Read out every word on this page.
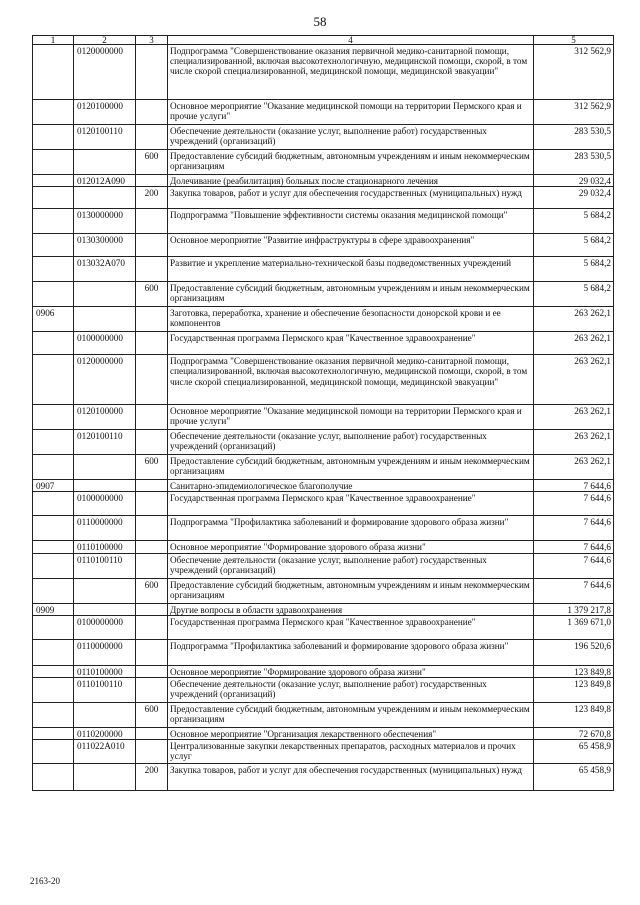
58
1	2	3	4	5
	0120000000		Подпрограмма "Совершенствование оказания первичной медико-санитарной помощи, специализированной, включая высокотехнологичную, медицинской помощи, скорой, в том числе скорой специализированной, медицинской помощи, медицинской эвакуации"	312 562,9
	0120100000		Основное мероприятие "Оказание медицинской помощи на территории Пермского края и прочие услуги"	312 562,9
	0120100110		Обеспечение деятельности (оказание услуг, выполнение работ) государственных учреждений (организаций)	283 530,5
		600	Предоставление субсидий бюджетным, автономным учреждениям и иным некоммерческим организациям	283 530,5
	012012А090		Долечивание (реабилитация) больных после стационарного лечения	29 032,4
		200	Закупка товаров, работ и услуг для обеспечения государственных (муниципальных) нужд	29 032,4
	0130000000		Подпрограмма "Повышение эффективности системы оказания медицинской помощи"	5 684,2
	0130300000		Основное мероприятие "Развитие инфраструктуры в сфере здравоохранения"	5 684,2
	013032А070		Развитие и укрепление материально-технической базы подведомственных учреждений	5 684,2
		600	Предоставление субсидий бюджетным, автономным учреждениям и иным некоммерческим организациям	5 684,2
0906			Заготовка, переработка, хранение и обеспечение безопасности донорской крови и ее компонентов	263 262,1
	0100000000		Государственная программа Пермского края "Качественное здравоохранение"	263 262,1
	0120000000		Подпрограмма "Совершенствование оказания первичной медико-санитарной помощи, специализированной, включая высокотехнологичную, медицинской помощи, скорой, в том числе скорой специализированной, медицинской помощи, медицинской эвакуации"	263 262,1
	0120100000		Основное мероприятие "Оказание медицинской помощи на территории Пермского края и прочие услуги"	263 262,1
	0120100110		Обеспечение деятельности (оказание услуг, выполнение работ) государственных учреждений (организаций)	263 262,1
		600	Предоставление субсидий бюджетным, автономным учреждениям и иным некоммерческим организациям	263 262,1
0907			Санитарно-эпидемиологическое благополучие	7 644,6
	0100000000		Государственная программа Пермского края "Качественное здравоохранение"	7 644,6
	0110000000		Подпрограмма "Профилактика заболеваний и формирование здорового образа жизни"	7 644,6
	0110100000		Основное мероприятие "Формирование здорового образа жизни"	7 644,6
	0110100110		Обеспечение деятельности (оказание услуг, выполнение работ) государственных учреждений (организаций)	7 644,6
		600	Предоставление субсидий бюджетным, автономным учреждениям и иным некоммерческим организациям	7 644,6
0909			Другие вопросы в области здравоохранения	1 379 217,8
	0100000000		Государственная программа Пермского края "Качественное здравоохранение"	1 369 671,0
	0110000000		Подпрограмма "Профилактика заболеваний и формирование здорового образа жизни"	196 520,6
	0110100000		Основное мероприятие "Формирование здорового образа жизни"	123 849,8
	0110100110		Обеспечение деятельности (оказание услуг, выполнение работ) государственных учреждений (организаций)	123 849,8
		600	Предоставление субсидий бюджетным, автономным учреждениям и иным некоммерческим организациям	123 849,8
	0110200000		Основное мероприятие "Организация лекарственного обеспечения"	72 670,8
	011022А010		Централизованные закупки лекарственных препаратов, расходных материалов и прочих услуг	65 458,9
		200	Закупка товаров, работ и услуг для обеспечения государственных (муниципальных) нужд	65 458,9
2163-20
